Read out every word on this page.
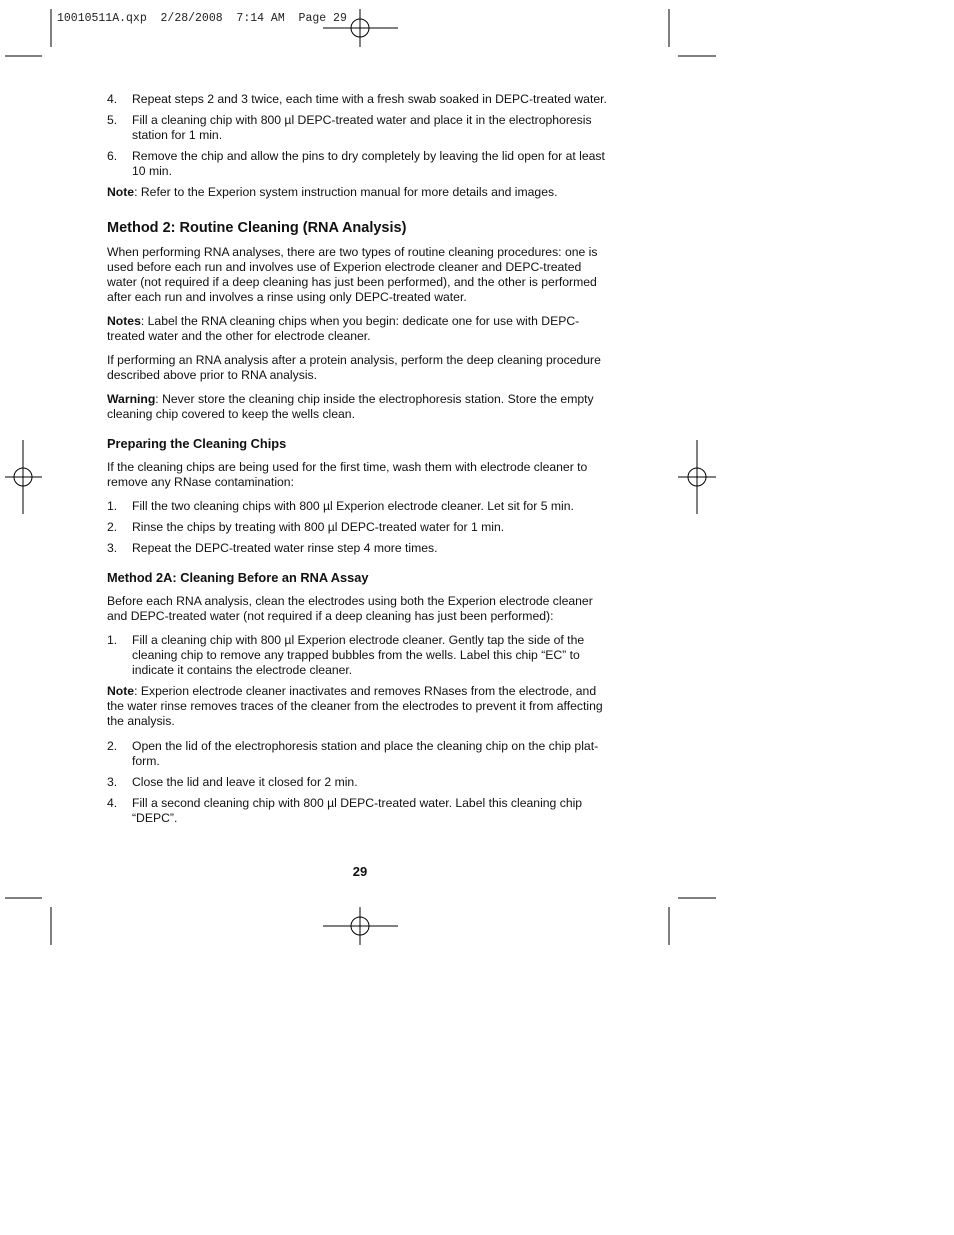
10010511A.qxp  2/28/2008  7:14 AM  Page 29
4.	Repeat steps 2 and 3 twice, each time with a fresh swab soaked in DEPC-treated water.
5.	Fill a cleaning chip with 800 µl DEPC-treated water and place it in the electrophoresis station for 1 min.
6.	Remove the chip and allow the pins to dry completely by leaving the lid open for at least 10 min.

Note: Refer to the Experion system instruction manual for more details and images.

Method 2: Routine Cleaning (RNA Analysis)

When performing RNA analyses, there are two types of routine cleaning procedures: one is used before each run and involves use of Experion electrode cleaner and DEPC-treated water (not required if a deep cleaning has just been performed), and the other is performed after each run and involves a rinse using only DEPC-treated water.

Notes: Label the RNA cleaning chips when you begin: dedicate one for use with DEPC-treated water and the other for electrode cleaner.

If performing an RNA analysis after a protein analysis, perform the deep cleaning procedure described above prior to RNA analysis.

Warning: Never store the cleaning chip inside the electrophoresis station. Store the empty cleaning chip covered to keep the wells clean.

Preparing the Cleaning Chips

If the cleaning chips are being used for the first time, wash them with electrode cleaner to remove any RNase contamination:

1.	Fill the two cleaning chips with 800 µl Experion electrode cleaner. Let sit for 5 min.
2.	Rinse the chips by treating with 800 µl DEPC-treated water for 1 min.
3.	Repeat the DEPC-treated water rinse step 4 more times.
Method 2A: Cleaning Before an RNA Assay

Before each RNA analysis, clean the electrodes using both the Experion electrode cleaner and DEPC-treated water (not required if a deep cleaning has just been performed):

1.	Fill a cleaning chip with 800 µl Experion electrode cleaner. Gently tap the side of the cleaning chip to remove any trapped bubbles from the wells. Label this chip “EC” to indicate it contains the electrode cleaner.

Note: Experion electrode cleaner inactivates and removes RNases from the electrode, and the water rinse removes traces of the cleaner from the electrodes to prevent it from affecting the analysis.

2.	Open the lid of the electrophoresis station and place the cleaning chip on the chip plat-form.
3.	Close the lid and leave it closed for 2 min.
4.	Fill a second cleaning chip with 800 µl DEPC-treated water. Label this cleaning chip “DEPC”.
29
